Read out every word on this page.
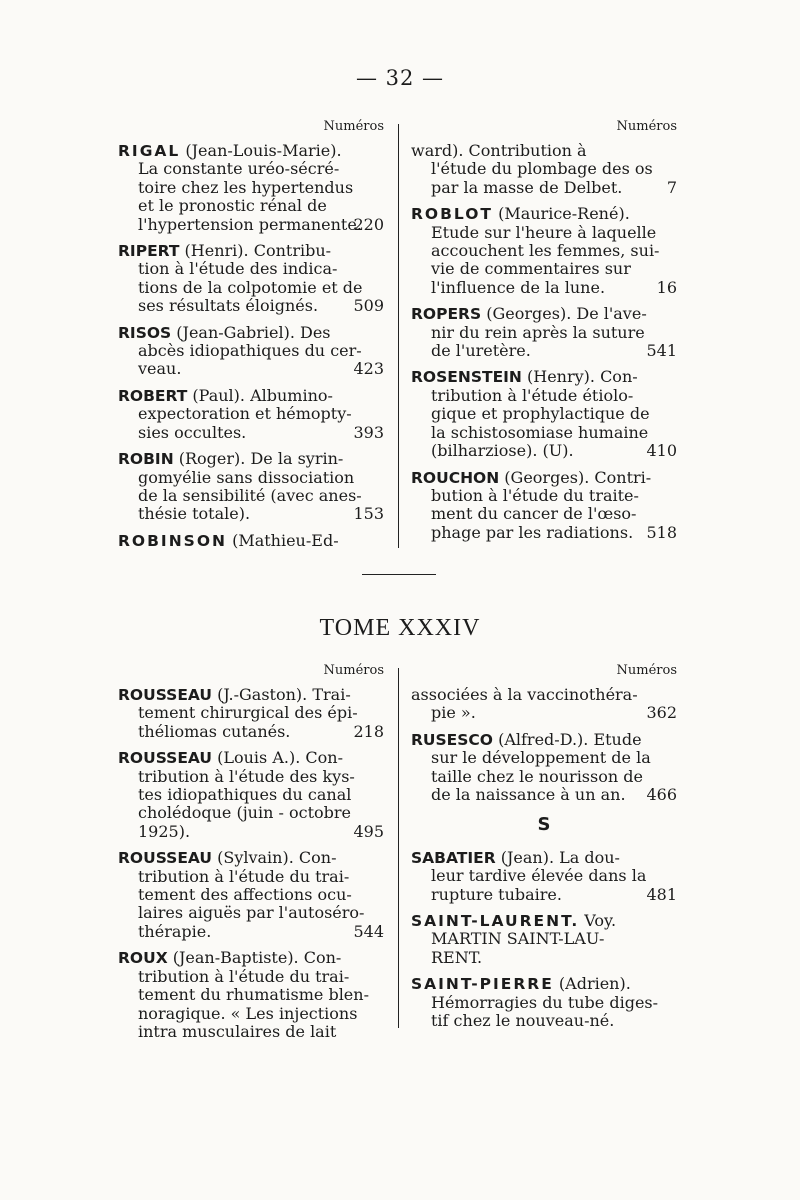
— 32 —
Numéros
RIGAL (Jean-Louis-Marie).
La constante uréo-sécré-
toire chez les hypertendus
et le pronostic rénal de
l'hypertension permanente.
220
RIPERT (Henri). Contribu-
tion à l'étude des indica-
tions de la colpotomie et de
ses résultats éloignés.	509
RISOS (Jean-Gabriel). Des
abcès idiopathiques du cer-
veau.	423
ROBERT (Paul). Albumino-
expectoration et hémopty-
sies occultes.	393
ROBIN (Roger). De la syrin-
gomyélie sans dissociation
de la sensibilité (avec anes-
thésie totale).	153
ROBINSON (Mathieu-Ed-
Numéros
ward). Contribution à
l'étude du plombage des os
par la masse de Delbet.	7
ROBLOT (Maurice-René).
Etude sur l'heure à laquelle
accouchent les femmes, sui-
vie de commentaires sur
l'influence de la lune.	16
ROPERS (Georges). De l'ave-
nir du rein après la suture
de l'uretère.	541
ROSENSTEIN (Henry). Con-
tribution à l'étude étiolo-
gique et prophylactique de
la schistosomiase humaine
(bilharziose). (U).	410
ROUCHON (Georges). Contri-
bution à l'étude du traite-
ment du cancer de l'œso-
phage par les radiations. 518
TOME XXXIV
Numéros
ROUSSEAU (J.-Gaston). Trai-
tement chirurgical des épi-
théliomas cutanés.	218
ROUSSEAU (Louis A.). Con-
tribution à l'étude des kys-
tes idiopathiques du canal
cholédoque (juin - octobre
1925).	495
ROUSSEAU (Sylvain). Con-
tribution à l'étude du trai-
tement des affections ocu-
laires aiguës par l'autoséro-
thérapie.	544
ROUX (Jean-Baptiste). Con-
tribution à l'étude du trai-
tement du rhumatisme blen-
noragique. « Les injections
intra musculaires de lait
Numéros
associées à la vaccinothéra-
pie ».	362
RUSESCO (Alfred-D.). Etude
sur le développement de la
taille chez le nourisson de
de la naissance à un an.	466
S
SABATIER (Jean). La dou-
leur tardive élevée dans la
rupture tubaire.	481
SAINT-LAURENT. Voy.
MARTIN SAINT-LAU-
RENT.
SAINT-PIERRE (Adrien).
Hémorragies du tube diges-
tif chez le nouveau-né.
